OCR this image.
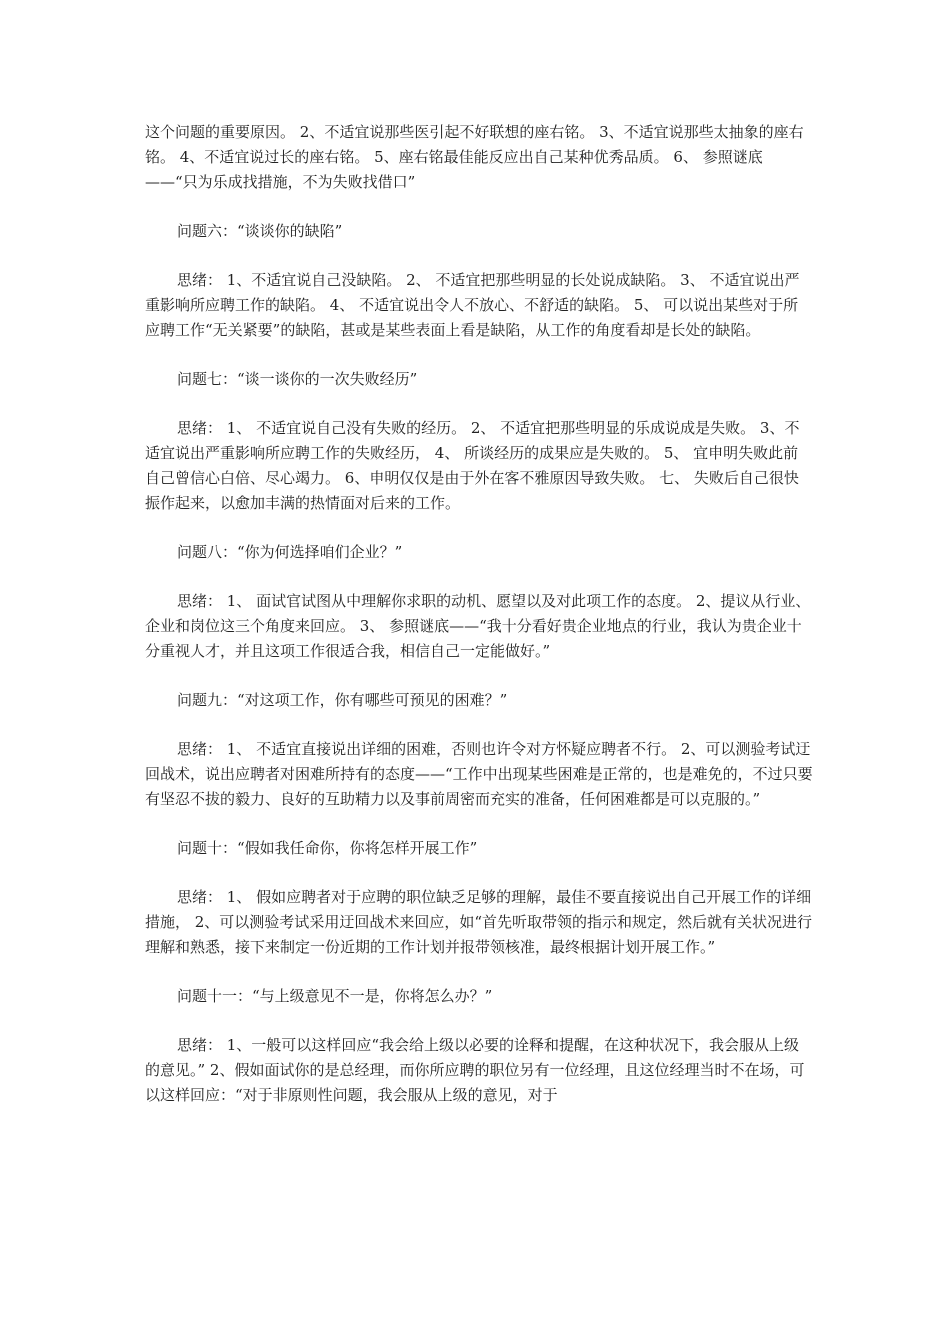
这个问题的重要原因。 2、不适宜说那些医引起不好联想的座右铭。 3、不适宜说那些太抽象的座右铭。 4、不适宜说过长的座右铭。 5、座右铭最佳能反应出自己某种优秀品质。 6、 参照谜底——“只为乐成找措施，不为失败找借口”

问题六：“谈谈你的缺陷”

思绪： 1、不适宜说自己没缺陷。 2、 不适宜把那些明显的长处说成缺陷。 3、 不适宜说出严重影响所应聘工作的缺陷。 4、 不适宜说出令人不放心、不舒适的缺陷。 5、 可以说出某些对于所应聘工作“无关紧要”的缺陷，甚或是某些表面上看是缺陷，从工作的角度看却是长处的缺陷。

问题七：“谈一谈你的一次失败经历”

思绪： 1、 不适宜说自己没有失败的经历。 2、 不适宜把那些明显的乐成说成是失败。 3、不适宜说出严重影响所应聘工作的失败经历， 4、 所谈经历的成果应是失败的。 5、 宜申明失败此前自己曾信心白倍、尽心竭力。 6、申明仅仅是由于外在客不雅原因导致失败。 七、 失败后自己很快振作起来，以愈加丰满的热情面对后来的工作。

问题八：“你为何选择咱们企业？”

思绪： 1、 面试官试图从中理解你求职的动机、愿望以及对此项工作的态度。 2、提议从行业、企业和岗位这三个角度来回应。 3、 参照谜底——“我十分看好贵企业地点的行业，我认为贵企业十分重视人才，并且这项工作很适合我，相信自己一定能做好。”

问题九：“对这项工作，你有哪些可预见的困难？”

思绪： 1、 不适宜直接说出详细的困难，否则也许令对方怀疑应聘者不行。 2、可以测验考试迂回战术，说出应聘者对困难所持有的态度——“工作中出现某些困难是正常的，也是难免的，不过只要有坚忍不拔的毅力、良好的互助精力以及事前周密而充实的准备，任何困难都是可以克服的。”

问题十：“假如我任命你，你将怎样开展工作”

思绪： 1、 假如应聘者对于应聘的职位缺乏足够的理解，最佳不要直接说出自己开展工作的详细措施， 2、可以测验考试采用迂回战术来回应，如“首先听取带领的指示和规定，然后就有关状况进行理解和熟悉，接下来制定一份近期的工作计划并报带领核准，最终根据计划开展工作。”

问题十一：“与上级意见不一是，你将怎么办？”

思绪： 1、一般可以这样回应“我会给上级以必要的诠释和提醒，在这种状况下，我会服从上级的意见。” 2、假如面试你的是总经理，而你所应聘的职位另有一位经理，且这位经理当时不在场，可以这样回应：“对于非原则性问题，我会服从上级的意见，对于
